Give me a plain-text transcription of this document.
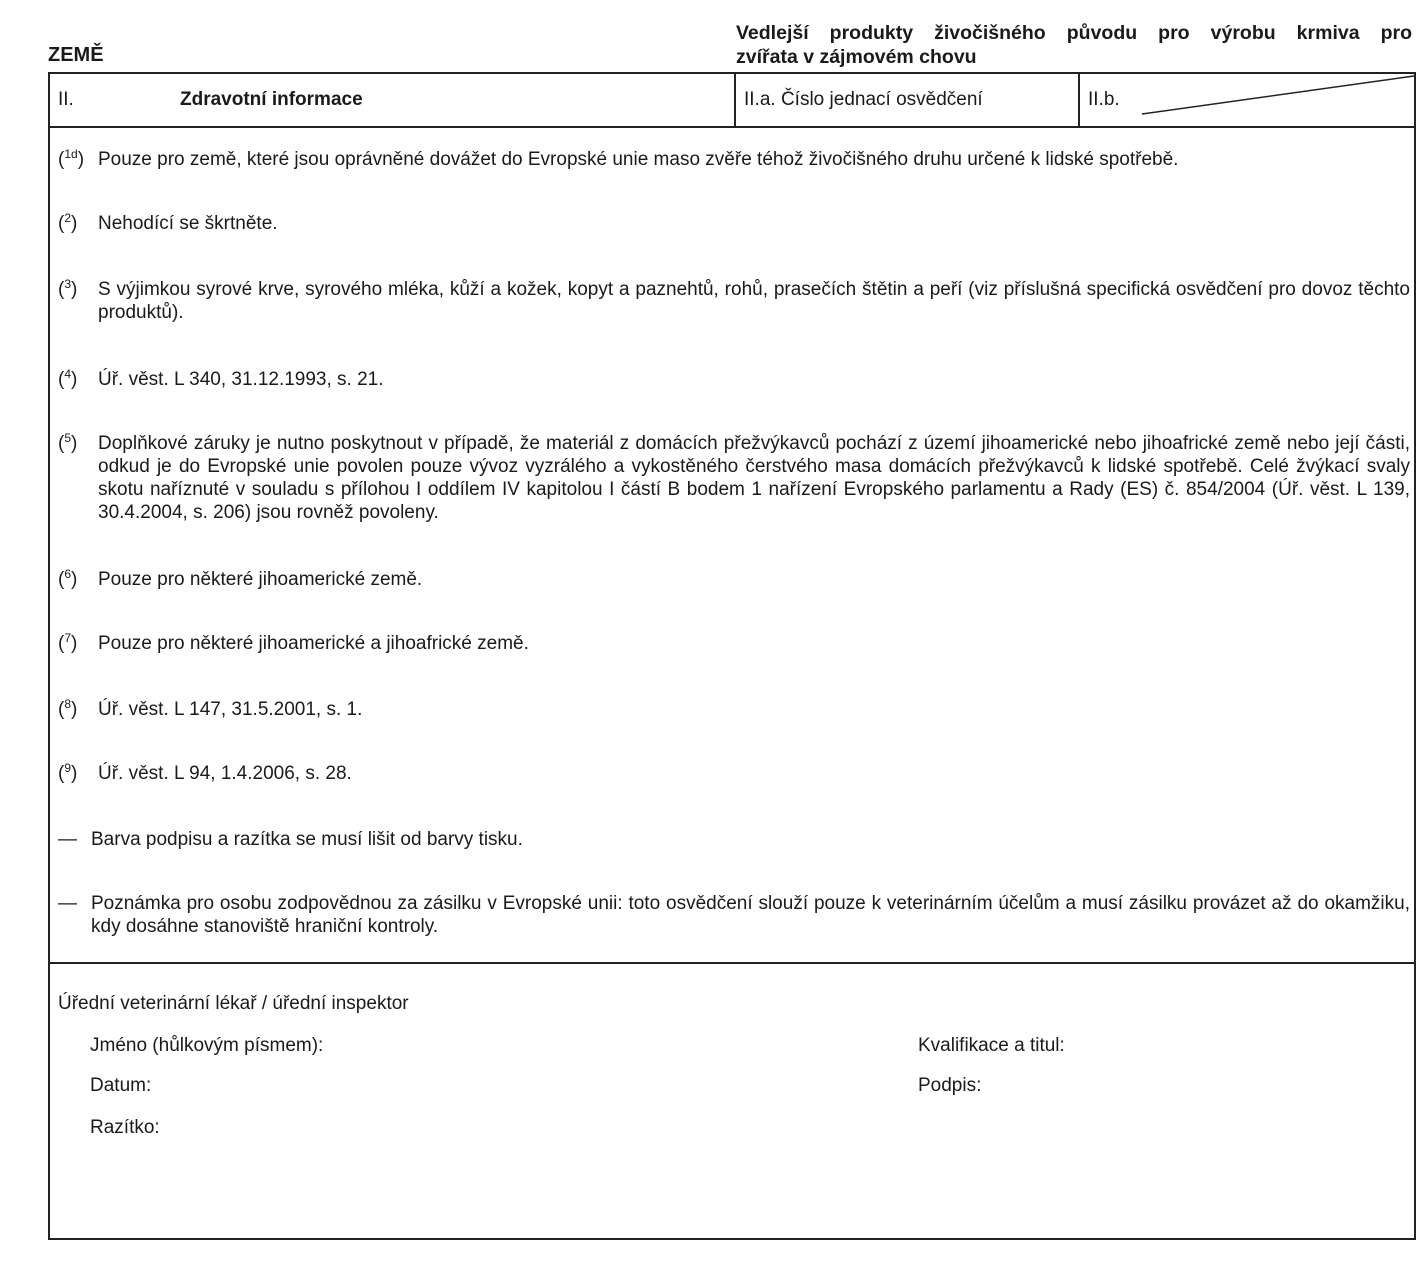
ZEMĚ
Vedlejší produkty živočišného původu pro výrobu krmiva pro
zvířata v zájmovém chovu
II.	Zdravotní informace	II.a. Číslo jednací osvědčení	II.b.
($^{1d}$) Pouze pro země, které jsou oprávněné dovážet do Evropské unie maso zvěře téhož živočišného druhu určené k lidské spotřebě.
($^2$)	Nehodící se škrtněte.
($^3$)	S výjimkou syrové krve, syrového mléka, kůží a kožek, kopyt a paznehtů, rohů, prasečích štětin a peří (viz příslušná specifická osvědčení pro dovoz těchto produktů).
($^4$)	Úř. věst. L 340, 31.12.1993, s. 21.
($^5$)	Doplňkové záruky je nutno poskytnout v případě, že materiál z domácích přežvýkavců pochází z území jihoamerické nebo jihoafrické země nebo její části, odkud je do Evropské unie povolen pouze vývoz vyzrálého a vykostěného čerstvého masa domácích přežvýkavců k lidské spotřebě. Celé žvýkací svaly skotu naříznuté v souladu s přílohou I oddílem IV kapitolou I částí B bodem 1 nařízení Evropského parlamentu a Rady (ES) č. 854/2004 (Úř. věst. L 139, 30.4.2004, s. 206) jsou rovněž povoleny.
($^6$)	Pouze pro některé jihoamerické země.
($^7$)	Pouze pro některé jihoamerické a jihoafrické země.
($^8$)	Úř. věst. L 147, 31.5.2001, s. 1.
($^9$)	Úř. věst. L 94, 1.4.2006, s. 28.
— Barva podpisu a razítka se musí lišit od barvy tisku.
— Poznámka pro osobu zodpovědnou za zásilku v Evropské unii: toto osvědčení slouží pouze k veterinárním účelům a musí zásilku provázet až do okamžiku, kdy dosáhne stanoviště hraniční kontroly.
Úřední veterinární lékař / úřední inspektor
Jméno (hůlkovým písmem):	Kvalifikace a titul:
Datum:	Podpis:
Razítko:
